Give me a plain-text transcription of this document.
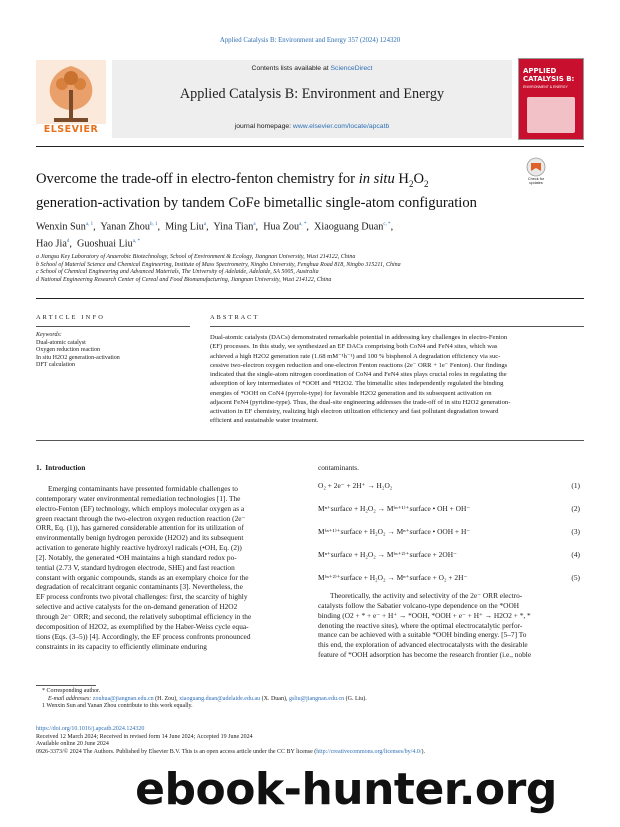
Applied Catalysis B: Environment and Energy 357 (2024) 124320
ELSEVIER
Contents lists available at ScienceDirect
Applied Catalysis B: Environment and Energy
journal homepage: www.elsevier.com/locate/apcatb
APPLIED
CATALYSIS B:
ENVIRONMENT & ENERGY
Check for
updates
Overcome the trade-off in electro-fenton chemistry for in situ $H_2O_2$
generation-activation by tandem CoFe bimetallic single-atom configuration
Wenxin Sun$^{a, 1}$,  Yanan Zhou$^{b, 1}$,  Ming Liu$^a$,  Yina Tian$^a$,  Hua Zou$^{a, *}$,  Xiaoguang Duan$^{c, *}$,
Hao Jia$^d$,  Guoshuai Liu$^{a, *}$
a Jiangsu Key Laboratory of Anaerobic Biotechnology, School of Environment & Ecology, Jiangnan University, Wuxi 214122, China
b School of Material Science and Chemical Engineering, Institute of Mass Spectrometry, Ningbo University, Fenghua Road 818, Ningbo 315211, China
c School of Chemical Engineering and Advanced Materials, The University of Adelaide, Adelaide, SA 5005, Australia
d National Engineering Research Center of Cereal and Food Biomanufacturing, Jiangnan University, Wuxi 214122, China
A R T I C L E   I N F O
Keywords:
Dual-atomic catalyst
Oxygen reduction reaction
In situ H2O2 generation-activation
DFT calculation
A B S T R A C T
Dual-atomic catalysts (DACs) demonstrated remarkable potential in addressing key challenges in electro-Fenton
(EF) processes. In this study, we synthesized an EF DACs comprising both CoN4 and FeN4 sites, which was
achieved a high H2O2 generation rate (1.68 mM⁻¹h⁻¹) and 100 % bisphenol A degradation efficiency via suc-
cessive two-electron oxygen reduction and one-electron Fenton reactions (2e⁻ ORR + 1e⁻ Fenton). Our findings
indicated that the single-atom nitrogen coordination of CoN4 and FeN4 sites plays crucial roles in regulating the
adsorption of key intermediates of *OOH and *H2O2. The bimetallic sites independently regulated the binding
energies of *OOH on CoN4 (pyrrole-type) for favorable H2O2 generation and its subsequent activation on
adjacent FeN4 (pyridine-type). Thus, the dual-site engineering addresses the trade-off of in situ H2O2 generation-
activation in EF chemistry, realizing high electron utilization efficiency and fast pollutant degradation toward
efficient and sustainable water treatment.
1.  Introduction
Emerging contaminants have presented formidable challenges to
contemporary water environmental remediation technologies [1]. The
electro-Fenton (EF) technology, which employs molecular oxygen as a
green reactant through the two-electron oxygen reduction reaction (2e⁻
ORR, Eq. (1)), has garnered considerable attention for its utilization of
environmentally benign hydrogen peroxide (H2O2) and its subsequent
activation to generate highly reactive hydroxyl radicals (•OH, Eq. (2))
[2]. Notably, the generated •OH maintains a high standard redox po-
tential (2.73 V, standard hydrogen electrode, SHE) and fast reaction
constant with organic compounds, stands as an exemplary choice for the
degradation of recalcitrant organic contaminants [3]. Nevertheless, the
EF process confronts two pivotal challenges: first, the scarcity of highly
selective and active catalysts for the on-demand generation of H2O2
through 2e⁻ ORR; and second, the relatively suboptimal efficiency in the
decomposition of H2O2, as exemplified by the Haber-Weiss cycle equa-
tions (Eqs. (3–5)) [4]. Accordingly, the EF process confronts pronounced
constraints in its capacity to efficiently eliminate enduring
contaminants.
O₂ + 2e⁻ + 2H⁺ → H₂O₂	(1)
Mⁿ⁺surface + H₂O₂ → M⁽ⁿ⁺¹⁾⁺surface • OH + OH⁻	(2)
M⁽ⁿ⁺¹⁾⁺surface + H₂O₂ → Mⁿ⁺surface • OOH + H⁻	(3)
Mⁿ⁺surface + H₂O₂ → M⁽ⁿ⁺²⁾⁺surface + 2OH⁻	(4)
M⁽ⁿ⁺²⁾⁺surface + H₂O₂ → Mⁿ⁺surface + O₂ + 2H⁻	(5)
Theoretically, the activity and selectivity of the 2e⁻ ORR electro-
catalysts follow the Sabatier volcano-type dependence on the *OOH
binding (O2 + * + e⁻ + H⁺ → *OOH, *OOH + e⁻ + H⁺ → H2O2 + *, *
denoting the reactive sites), where the optimal electrocatalytic perfor-
mance can be achieved with a suitable *OOH binding energy. [5–7] To
this end, the exploration of advanced electrocatalysts with the desirable
feature of *OOH adsorption has become the research frontier (i.e., noble
* Corresponding author.
E-mail addresses: zouhua@jiangnan.edu.cn (H. Zou), xiaoguang.duan@adelaide.edu.au (X. Duan), gsliu@jiangnan.edu.cn (G. Liu).
1 Wenxin Sun and Yanan Zhou contribute to this work equally.
https://doi.org/10.1016/j.apcatb.2024.124320
Received 12 March 2024; Received in revised form 14 June 2024; Accepted 19 June 2024
Available online 20 June 2024
0926-3373/© 2024 The Authors. Published by Elsevier B.V. This is an open access article under the CC BY license (http://creativecommons.org/licenses/by/4.0/).
ebook-hunter.org
